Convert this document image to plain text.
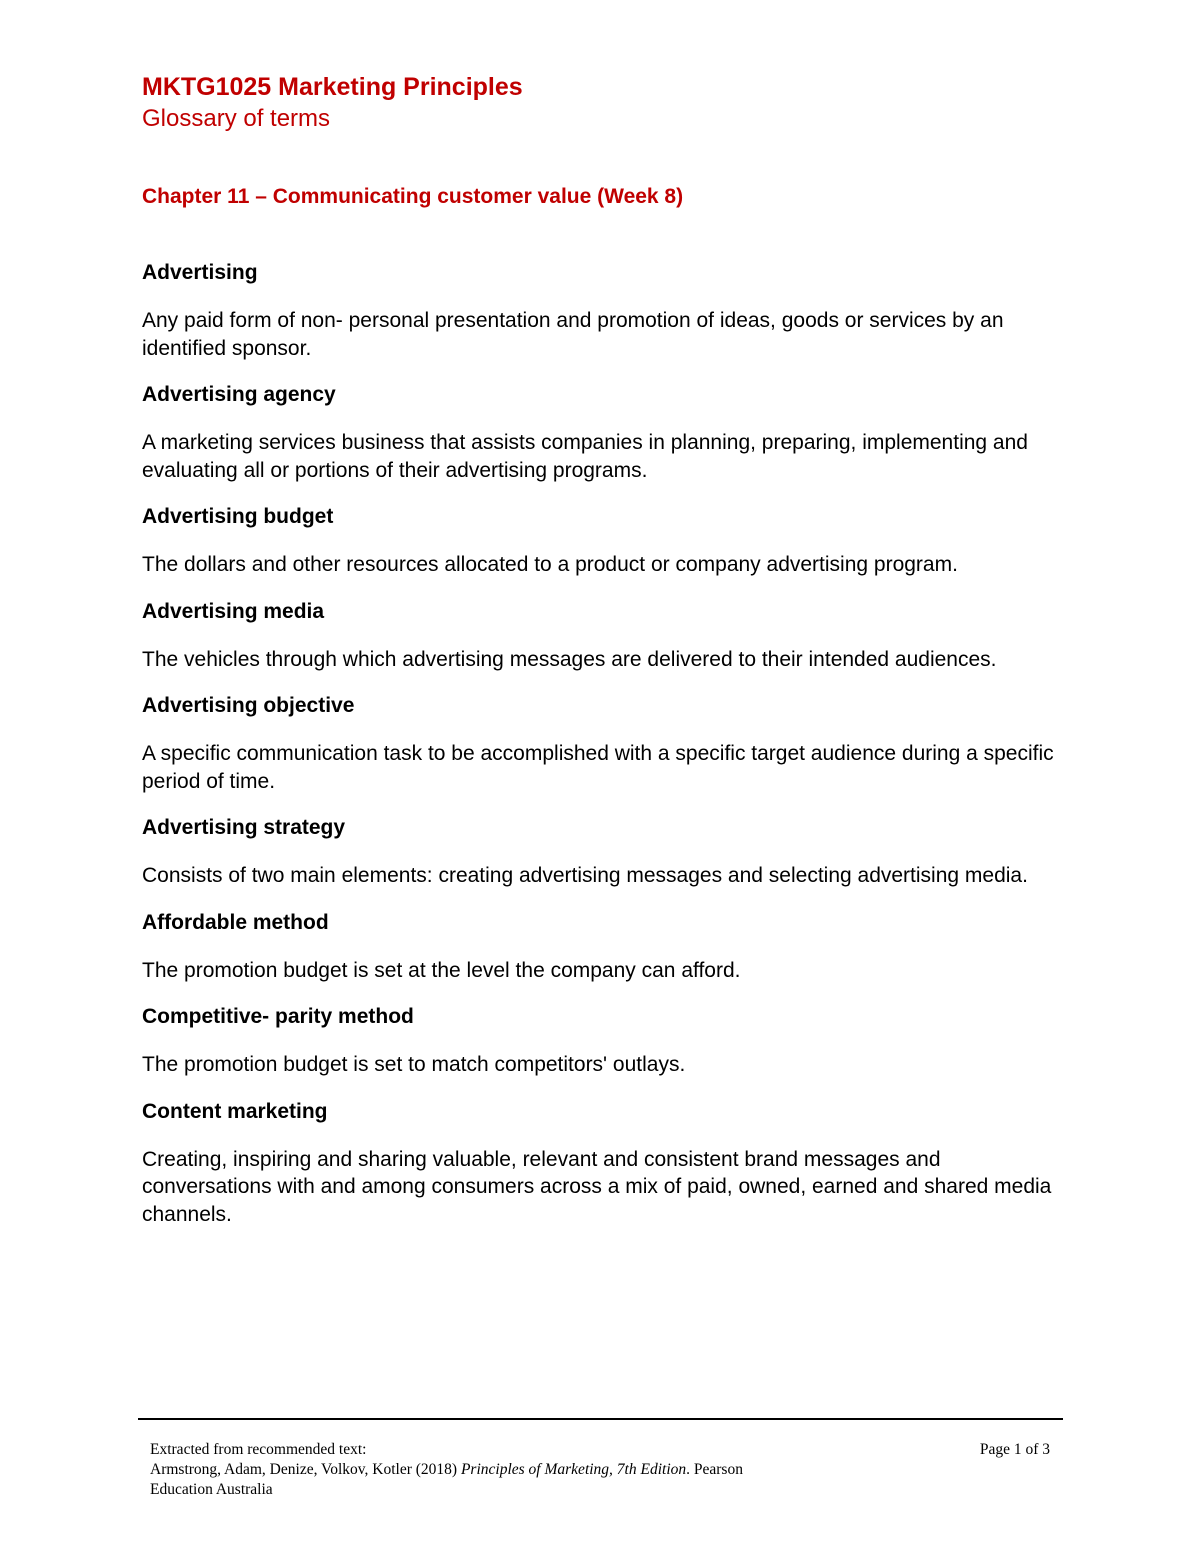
MKTG1025 Marketing Principles
Glossary of terms
Chapter 11 – Communicating customer value (Week 8)
Advertising

Any paid form of non- personal presentation and promotion of ideas, goods or services by an identified sponsor.

Advertising agency

A marketing services business that assists companies in planning, preparing, implementing and evaluating all or portions of their advertising programs.

Advertising budget

The dollars and other resources allocated to a product or company advertising program.

Advertising media

The vehicles through which advertising messages are delivered to their intended audiences.

Advertising objective

A specific communication task to be accomplished with a specific target audience during a specific period of time.

Advertising strategy

Consists of two main elements: creating advertising messages and selecting advertising media.

Affordable method

The promotion budget is set at the level the company can afford.

Competitive- parity method

The promotion budget is set to match competitors' outlays.

Content marketing

Creating, inspiring and sharing valuable, relevant and consistent brand messages and conversations with and among consumers across a mix of paid, owned, earned and shared media channels.

Extracted from recommended text:	Page 1 of 3
Armstrong, Adam, Denize, Volkov, Kotler (2018) Principles of Marketing, 7th Edition. Pearson
Education Australia
